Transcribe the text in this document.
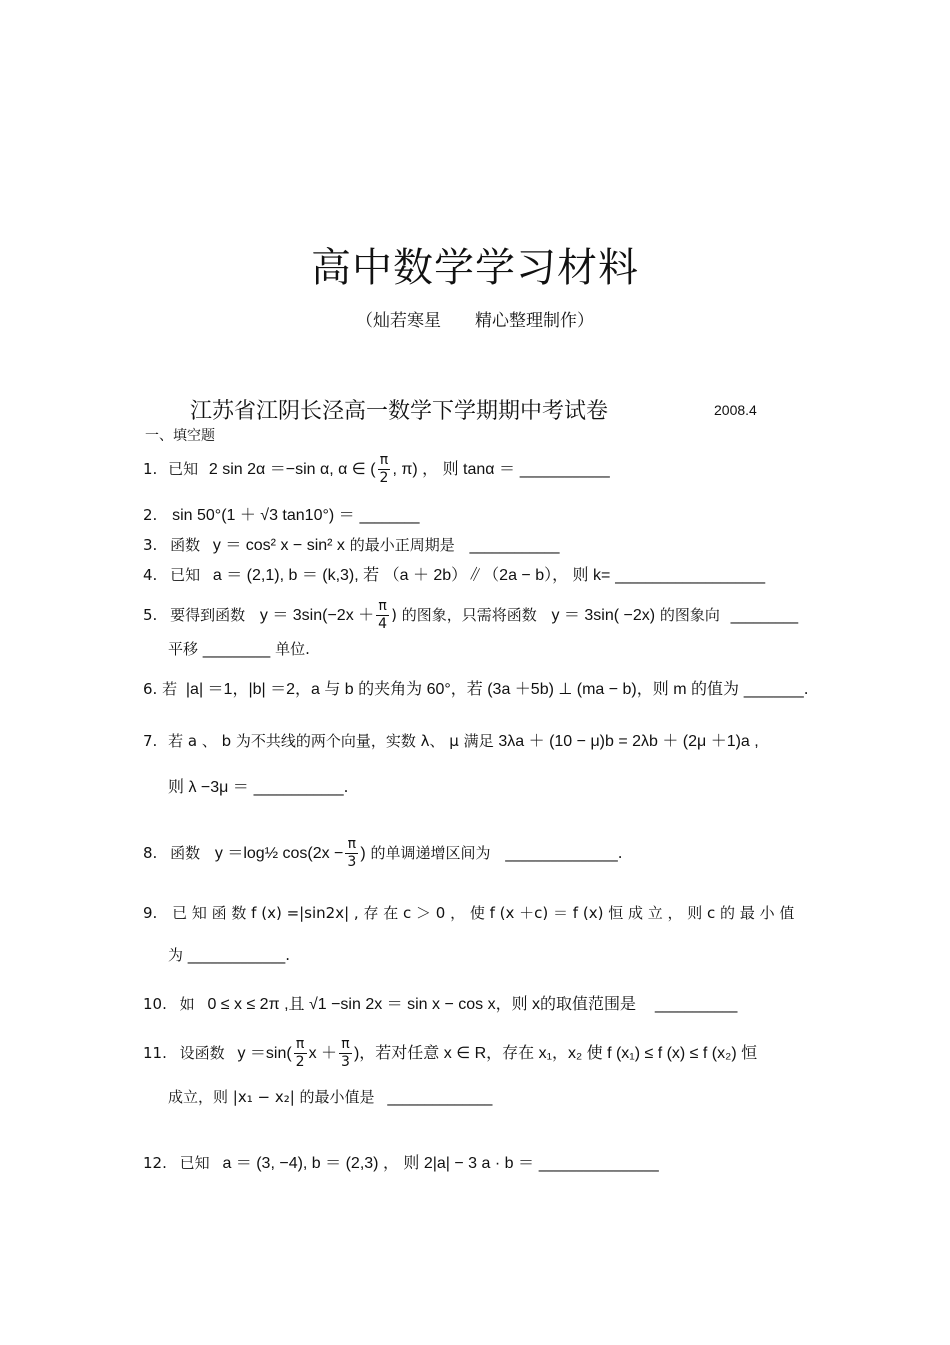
高中数学学习材料
（灿若寒星　　精心整理制作）
江苏省江阴长泾高一数学下学期期中考试卷	2008.4
一、填空题
1. 已知 2 sin 2α ＝−sin α, α ∈ ( $\frac{\pi}{2}$ , π) ， 则 tanα ＝ ____________
2. sin 50°(1 ＋ √3 tan10°) ＝ ________
3. 函数 y ＝ cos² x − sin² x 的最小正周期是 ____________
4. 已知 a ＝ (2,1), b ＝ (k,3), 若 （a ＋ 2b）∥（2a − b）， 则 k= ____________________
5. 要得到函数 $y = 3\sin(-2x + \frac{\pi}{4}$ ) 的图象，只需将函数 y ＝ 3sin( −2x) 的图象向 _________
平移 _________ 单位.
6. 若 |a| ＝1，|b| ＝2，a 与 b 的夹角为 60°，若 (3a ＋5b) ⊥ (ma − b)，则 m 的值为 ________.
7. 若 a 、 b 为不共线的两个向量，实数 λ、 μ 满足 3λa ＋ (10 − μ)b = 2λb ＋ (2μ ＋1)a ,
则 λ −3μ ＝ ____________.
8. 函数 y ＝log½ $\cos(2x - \frac{\pi}{3}$ ) 的单调递增区间为 _______________.
9. 已 知 函 数 f (x) =|sin2x| , 存 在 c ＞ 0 ， 使 f (x ＋c) ＝ f (x) 恒 成 立 ， 则 c 的 最 小 值
为 _____________.
10. 如 0 ≤ x ≤ 2π ,且 √1 −sin 2x ＝ sin x − cos x，则 x的取值范围是 ___________
11. 设函数 $y =\sin( \frac{\pi}{2}$ $x + \frac{\pi}{3}$ )，若对任意 x ∈ R，存在 x₁，x₂ 使 f (x₁) ≤ f (x) ≤ f (x₂) 恒
成立，则 |x₁ − x₂| 的最小值是 ______________
12. 已知 a ＝ (3, −4), b ＝ (2,3) ， 则 2|a| − 3 a · b ＝ ________________
